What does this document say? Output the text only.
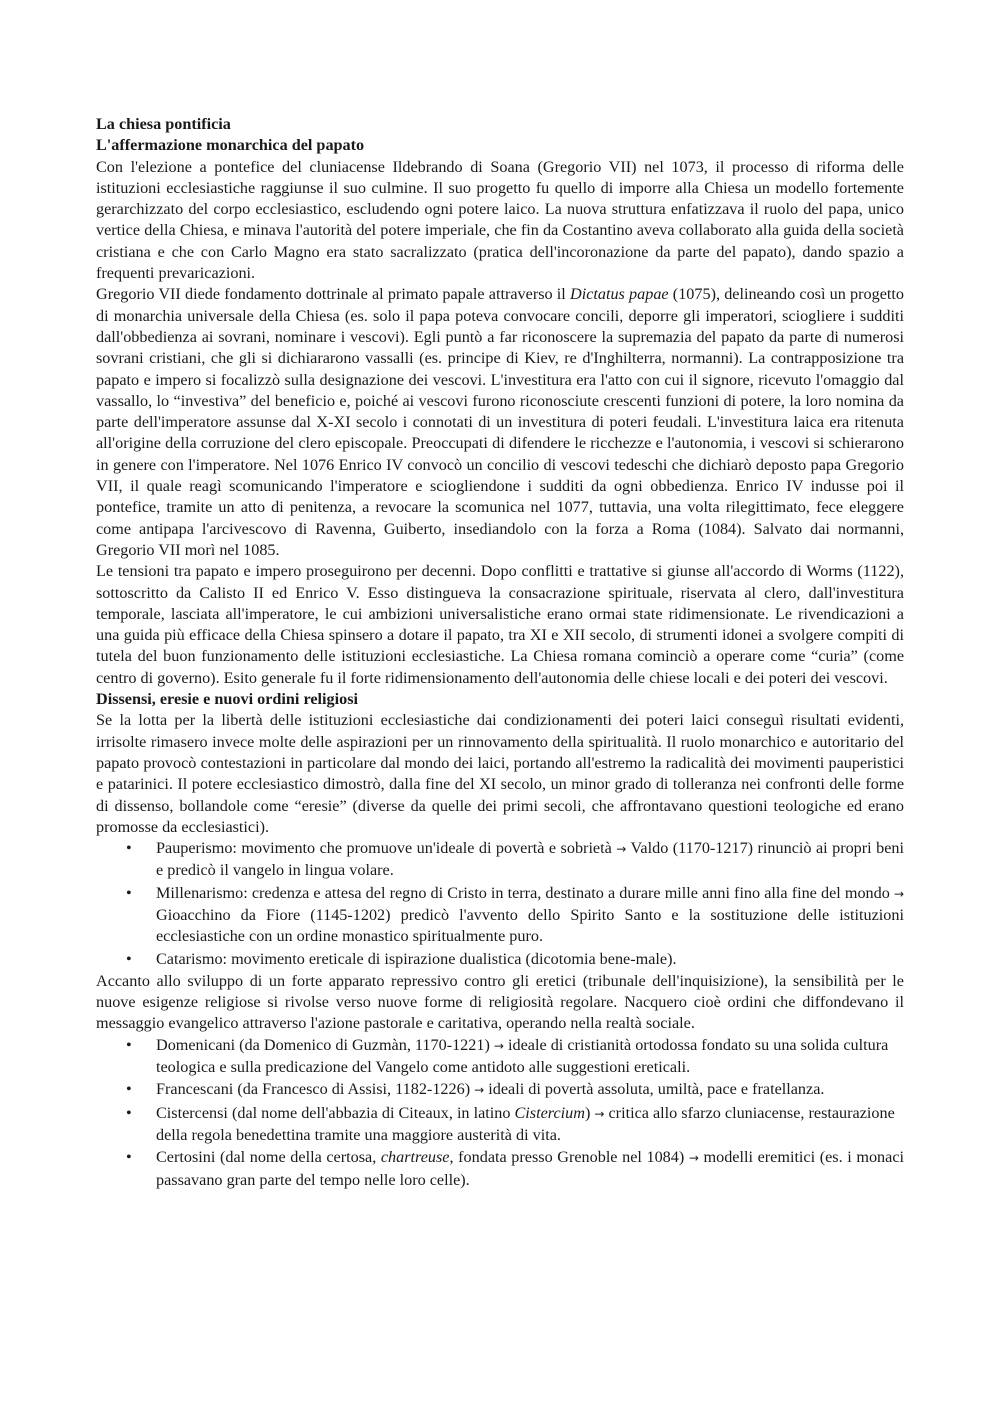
La chiesa pontificia
L'affermazione monarchica del papato

Con l'elezione a pontefice del cluniacense Ildebrando di Soana (Gregorio VII) nel 1073, il processo di riforma delle istituzioni ecclesiastiche raggiunse il suo culmine. Il suo progetto fu quello di imporre alla Chiesa un modello fortemente gerarchizzato del corpo ecclesiastico, escludendo ogni potere laico. La nuova struttura enfatizzava il ruolo del papa, unico vertice della Chiesa, e minava l'autorità del potere imperiale, che fin da Costantino aveva collaborato alla guida della società cristiana e che con Carlo Magno era stato sacralizzato (pratica dell'incoronazione da parte del papato), dando spazio a frequenti prevaricazioni.

Gregorio VII diede fondamento dottrinale al primato papale attraverso il Dictatus papae (1075), delineando così un progetto di monarchia universale della Chiesa (es. solo il papa poteva convocare concili, deporre gli imperatori, sciogliere i sudditi dall'obbedienza ai sovrani, nominare i vescovi). Egli puntò a far riconoscere la supremazia del papato da parte di numerosi sovrani cristiani, che gli si dichiararono vassalli (es. principe di Kiev, re d'Inghilterra, normanni). La contrapposizione tra papato e impero si focalizzò sulla designazione dei vescovi. L'investitura era l'atto con cui il signore, ricevuto l'omaggio dal vassallo, lo “investiva” del beneficio e, poiché ai vescovi furono riconosciute crescenti funzioni di potere, la loro nomina da parte dell'imperatore assunse dal X-XI secolo i connotati di un investitura di poteri feudali. L'investitura laica era ritenuta all'origine della corruzione del clero episcopale. Preoccupati di difendere le ricchezze e l'autonomia, i vescovi si schierarono in genere con l'imperatore. Nel 1076 Enrico IV convocò un concilio di vescovi tedeschi che dichiarò deposto papa Gregorio VII, il quale reagì scomunicando l'imperatore e sciogliendone i sudditi da ogni obbedienza. Enrico IV indusse poi il pontefice, tramite un atto di penitenza, a revocare la scomunica nel 1077, tuttavia, una volta rilegittimato, fece eleggere come antipapa l'arcivescovo di Ravenna, Guiberto, insediandolo con la forza a Roma (1084). Salvato dai normanni, Gregorio VII morì nel 1085.

Le tensioni tra papato e impero proseguirono per decenni. Dopo conflitti e trattative si giunse all'accordo di Worms (1122), sottoscritto da Calisto II ed Enrico V. Esso distingueva la consacrazione spirituale, riservata al clero, dall'investitura temporale, lasciata all'imperatore, le cui ambizioni universalistiche erano ormai state ridimensionate. Le rivendicazioni a una guida più efficace della Chiesa spinsero a dotare il papato, tra XI e XII secolo, di strumenti idonei a svolgere compiti di tutela del buon funzionamento delle istituzioni ecclesiastiche. La Chiesa romana cominciò a operare come “curia” (come centro di governo). Esito generale fu il forte ridimensionamento dell'autonomia delle chiese locali e dei poteri dei vescovi.

Dissensi, eresie e nuovi ordini religiosi

Se la lotta per la libertà delle istituzioni ecclesiastiche dai condizionamenti dei poteri laici conseguì risultati evidenti, irrisolte rimasero invece molte delle aspirazioni per un rinnovamento della spiritualità. Il ruolo monarchico e autoritario del papato provocò contestazioni in particolare dal mondo dei laici, portando all'estremo la radicalità dei movimenti pauperistici e patarinici. Il potere ecclesiastico dimostrò, dalla fine del XI secolo, un minor grado di tolleranza nei confronti delle forme di dissenso, bollandole come “eresie” (diverse da quelle dei primi secoli, che affrontavano questioni teologiche ed erano promosse da ecclesiastici).

• Pauperismo: movimento che promuove un'ideale di povertà e sobrietà → Valdo (1170-1217) rinunciò ai propri beni e predicò il vangelo in lingua volare.
• Millenarismo: credenza e attesa del regno di Cristo in terra, destinato a durare mille anni fino alla fine del mondo → Gioacchino da Fiore (1145-1202) predicò l'avvento dello Spirito Santo e la sostituzione delle istituzioni ecclesiastiche con un ordine monastico spiritualmente puro.
• Catarismo: movimento ereticale di ispirazione dualistica (dicotomia bene-male).

Accanto allo sviluppo di un forte apparato repressivo contro gli eretici (tribunale dell'inquisizione), la sensibilità per le nuove esigenze religiose si rivolse verso nuove forme di religiosità regolare. Nacquero cioè ordini che diffondevano il messaggio evangelico attraverso l'azione pastorale e caritativa, operando nella realtà sociale.

• Domenicani (da Domenico di Guzmàn, 1170-1221) → ideale di cristianità ortodossa fondato su una solida cultura teologica e sulla predicazione del Vangelo come antidoto alle suggestioni ereticali.
• Francescani (da Francesco di Assisi, 1182-1226) → ideali di povertà assoluta, umiltà, pace e fratellanza.
• Cistercensi (dal nome dell'abbazia di Citeaux, in latino Cistercium) → critica allo sfarzo cluniacense, restaurazione della regola benedettina tramite una maggiore austerità di vita.
• Certosini (dal nome della certosa, chartreuse, fondata presso Grenoble nel 1084) → modelli eremitici (es. i monaci passavano gran parte del tempo nelle loro celle).
